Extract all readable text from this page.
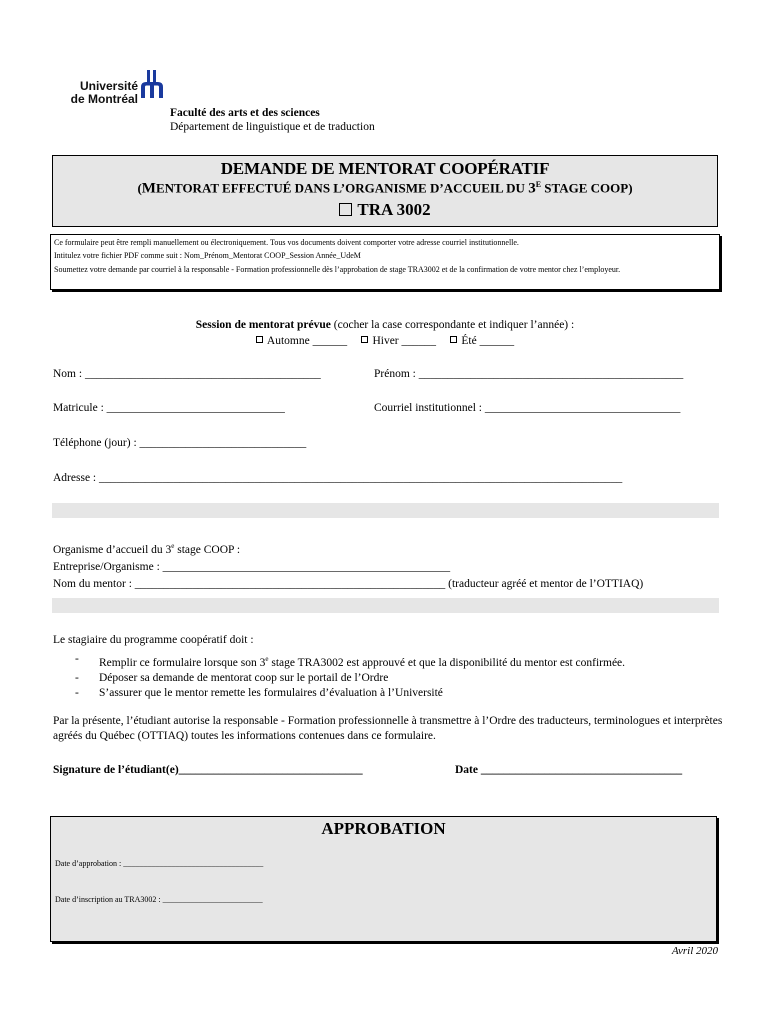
Université
de Montréal
Faculté des arts et des sciences
Département de linguistique et de traduction
DEMANDE DE MENTORAT COOPÉRATIF
(MENTORAT EFFECTUÉ DANS L’ORGANISME D’ACCUEIL DU $3^E$ STAGE COOP)
TRA 3002
Ce formulaire peut être rempli manuellement ou électroniquement. Tous vos documents doivent comporter votre adresse courriel institutionnelle.
Intitulez votre fichier PDF comme suit : Nom_Prénom_Mentorat COOP_Session Année_UdeM
Soumettez votre demande par courriel à la responsable - Formation professionnelle dès l’approbation de stage TRA3002 et de la confirmation de votre mentor chez l’employeur.
Session de mentorat prévue (cocher la case correspondante et indiquer l’année) :
Automne ______ Hiver ______ Été ______
Nom : _________________________________________	Prénom : ______________________________________________
Matricule : _______________________________	Courriel institutionnel : __________________________________
Téléphone (jour) : _____________________________
Adresse : ___________________________________________________________________________________________
Organisme d’accueil du 3e stage COOP :
Entreprise/Organisme : __________________________________________________
Nom du mentor : ______________________________________________________ (traducteur agréé et mentor de l’OTTIAQ)
Le stagiaire du programme coopératif doit :
- Remplir ce formulaire lorsque son 3e stage TRA3002 est approuvé et que la disponibilité du mentor est confirmée.
- Déposer sa demande de mentorat coop sur le portail de l’Ordre
- S’assurer que le mentor remette les formulaires d’évaluation à l’Université
Par la présente, l’étudiant autorise la responsable - Formation professionnelle à transmettre à l’Ordre des traducteurs, terminologues et interprètes agréés du Québec (OTTIAQ) toutes les informations contenues dans ce formulaire.
Signature de l’étudiant(e)________________________________	Date ___________________________________
APPROBATION
Date d’approbation : ___________________________________
Date d’inscription au TRA3002 : _________________________
Avril 2020
